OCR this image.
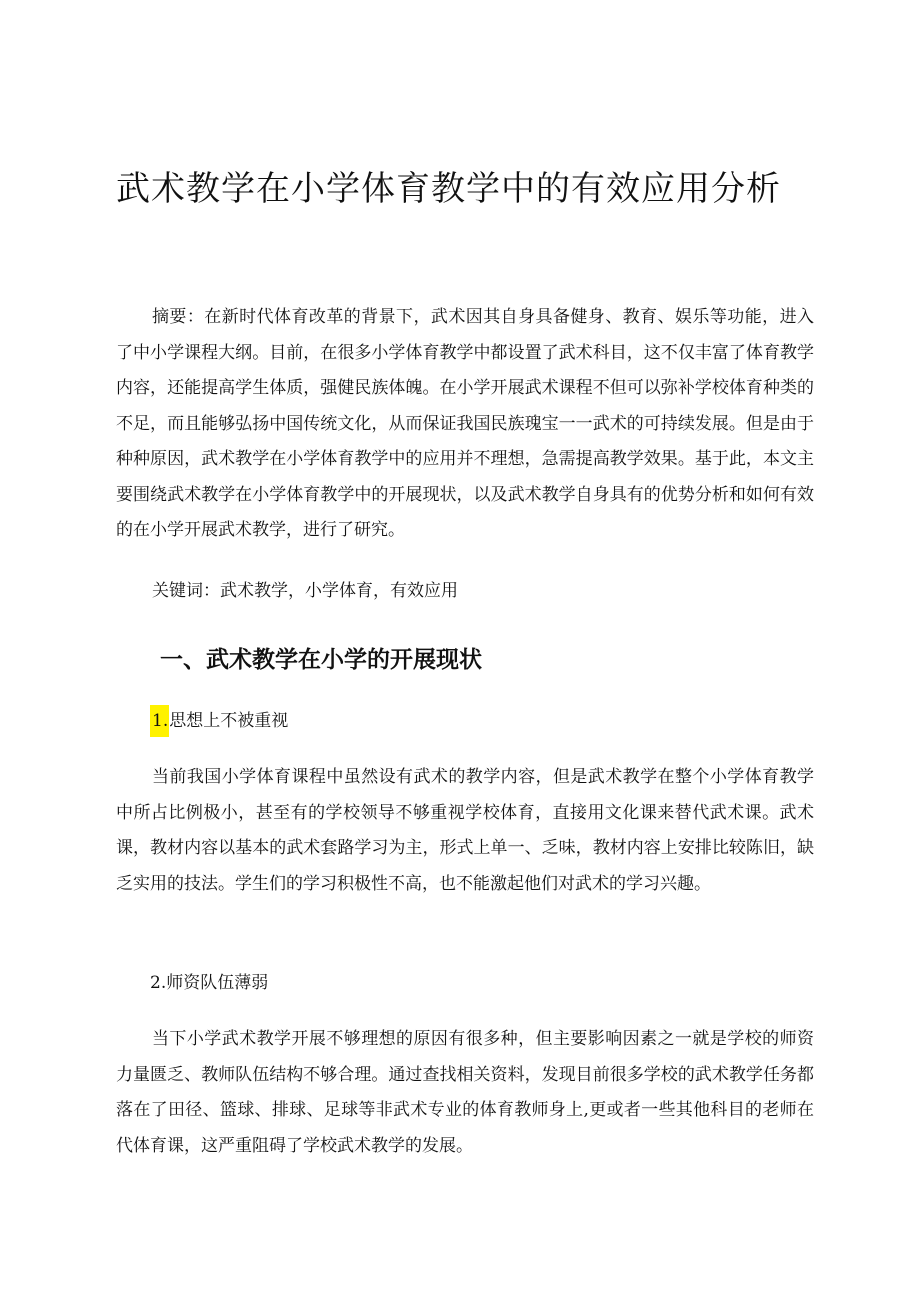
武术教学在小学体育教学中的有效应用分析

摘要：在新时代体育改革的背景下，武术因其自身具备健身、教育、娱乐等功能，进入了中小学课程大纲。目前，在很多小学体育教学中都设置了武术科目，这不仅丰富了体育教学内容，还能提高学生体质，强健民族体魄。在小学开展武术课程不但可以弥补学校体育种类的不足，而且能够弘扬中国传统文化，从而保证我国民族瑰宝一一武术的可持续发展。但是由于种种原因，武术教学在小学体育教学中的应用并不理想，急需提高教学效果。基于此，本文主要围绕武术教学在小学体育教学中的开展现状，以及武术教学自身具有的优势分析和如何有效的在小学开展武术教学，进行了研究。

关键词：武术教学，小学体育，有效应用

一、武术教学在小学的开展现状

1.思想上不被重视

当前我国小学体育课程中虽然设有武术的教学内容，但是武术教学在整个小学体育教学中所占比例极小，甚至有的学校领导不够重视学校体育，直接用文化课来替代武术课。武术课，教材内容以基本的武术套路学习为主，形式上单一、乏味，教材内容上安排比较陈旧，缺乏实用的技法。学生们的学习积极性不高，也不能激起他们对武术的学习兴趣。

2.师资队伍薄弱

当下小学武术教学开展不够理想的原因有很多种，但主要影响因素之一就是学校的师资力量匮乏、教师队伍结构不够合理。通过查找相关资料，发现目前很多学校的武术教学任务都落在了田径、篮球、排球、足球等非武术专业的体育教师身上,更或者一些其他科目的老师在代体育课，这严重阻碍了学校武术教学的发展。
